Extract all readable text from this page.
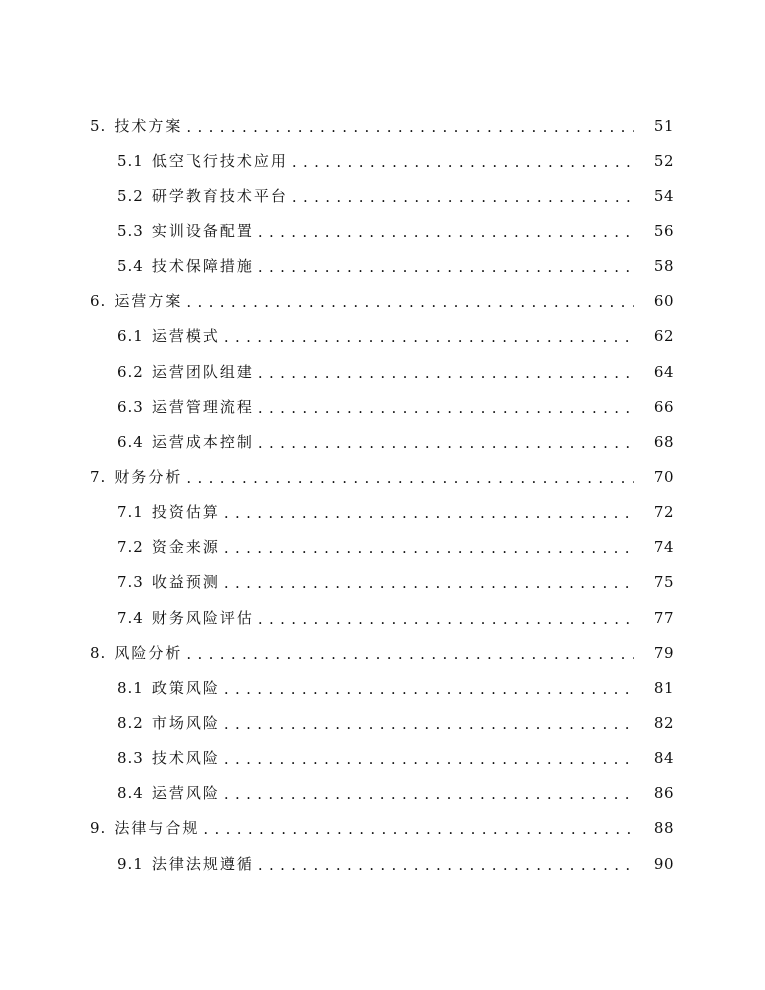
5. 技术方案 . . .	51
5.1 低空飞行技术应用 . . .	52
5.2 研学教育技术平台 . . .	54
5.3 实训设备配置 . . .	56
5.4 技术保障措施 . . .	58
6. 运营方案 . . .	60
6.1 运营模式 . . .	62
6.2 运营团队组建 . . .	64
6.3 运营管理流程 . . .	66
6.4 运营成本控制 . . .	68
7. 财务分析 . . .	70
7.1 投资估算 . . .	72
7.2 资金来源 . . .	74
7.3 收益预测 . . .	75
7.4 财务风险评估 . . .	77
8. 风险分析 . . .	79
8.1 政策风险 . . .	81
8.2 市场风险 . . .	82
8.3 技术风险 . . .	84
8.4 运营风险 . . .	86
9. 法律与合规 . . .	88
9.1 法律法规遵循 . . .	90
